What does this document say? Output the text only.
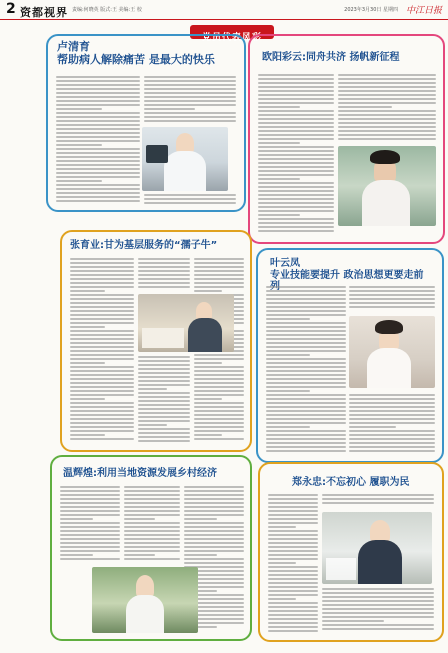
2 资都视界 责编:何晓英 版式:王 美编:王 校	2023年3月30日 星期四 中江日报
党员代表风彩
卢清育
帮助病人解除痛苦 是最大的快乐	欧阳彩云:同舟共济 扬帆新征程
张育业:甘为基层服务的“孺子牛”
叶云凤
专业技能要提升 政治思想更要走前
温辉煌:利用当地资源发展乡村经济
郑永忠:不忘初心 履职为民
